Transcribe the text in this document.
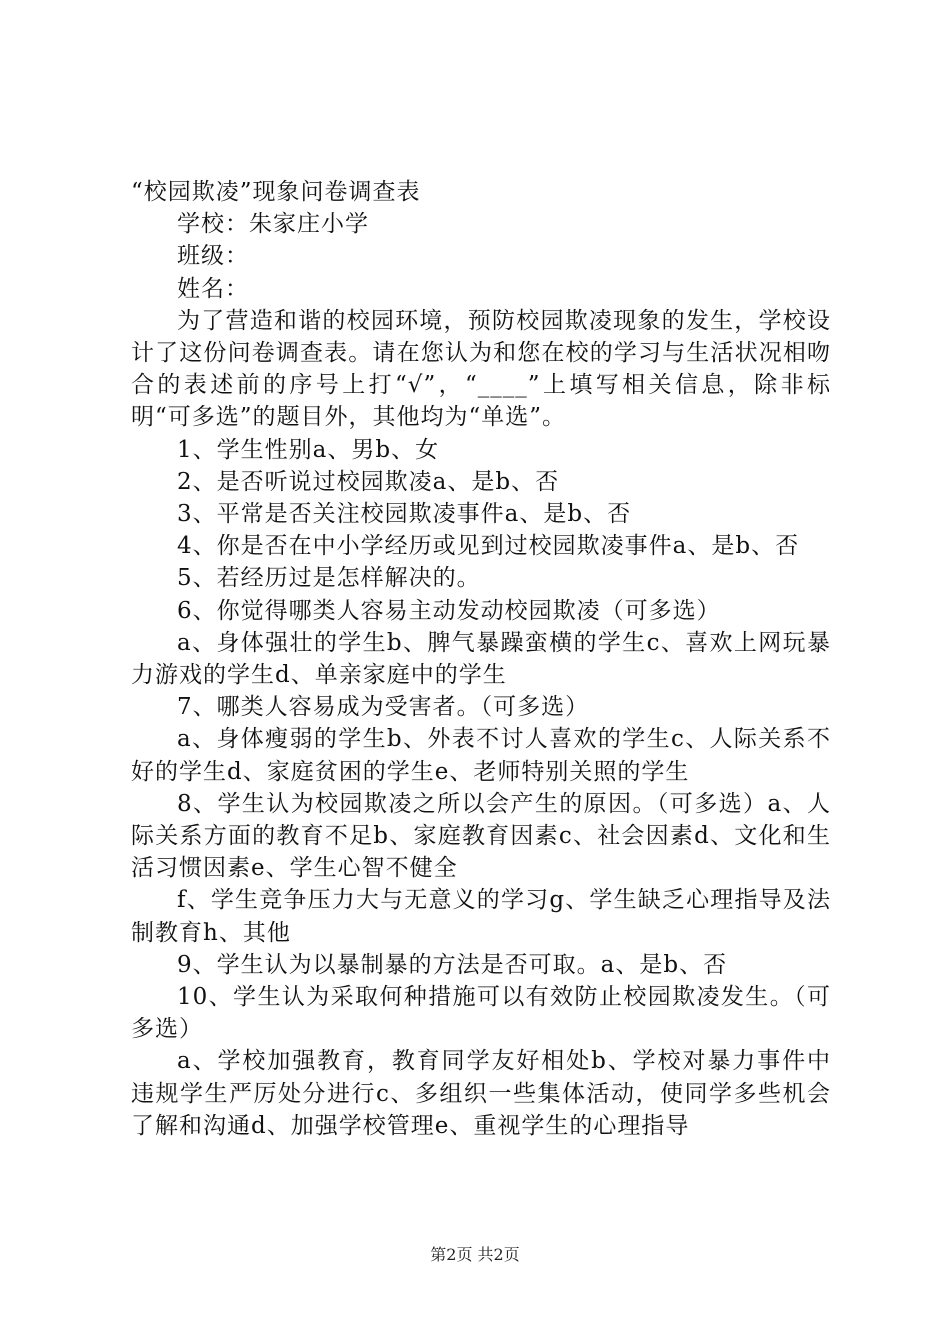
“校园欺凌”现象问卷调查表
学校：朱家庄小学
班级：
姓名：
为了营造和谐的校园环境，预防校园欺凌现象的发生，学校设计了这份问卷调查表。请在您认为和您在校的学习与生活状况相吻合的表述前的序号上打“√”，“____”上填写相关信息，除非标明“可多选”的题目外，其他均为“单选”。
1、学生性别a、男b、女
2、是否听说过校园欺凌a、是b、否
3、平常是否关注校园欺凌事件a、是b、否
4、你是否在中小学经历或见到过校园欺凌事件a、是b、否
5、若经历过是怎样解决的。
6、你觉得哪类人容易主动发动校园欺凌（可多选）
a、身体强壮的学生b、脾气暴躁蛮横的学生c、喜欢上网玩暴力游戏的学生d、单亲家庭中的学生
7、哪类人容易成为受害者。（可多选）
a、身体瘦弱的学生b、外表不讨人喜欢的学生c、人际关系不好的学生d、家庭贫困的学生e、老师特别关照的学生
8、学生认为校园欺凌之所以会产生的原因。（可多选）a、人际关系方面的教育不足b、家庭教育因素c、社会因素d、文化和生活习惯因素e、学生心智不健全
f、学生竞争压力大与无意义的学习g、学生缺乏心理指导及法制教育h、其他
9、学生认为以暴制暴的方法是否可取。a、是b、否
10、学生认为采取何种措施可以有效防止校园欺凌发生。（可多选）
a、学校加强教育，教育同学友好相处b、学校对暴力事件中违规学生严厉处分进行c、多组织一些集体活动，使同学多些机会了解和沟通d、加强学校管理e、重视学生的心理指导
第2页 共2页
